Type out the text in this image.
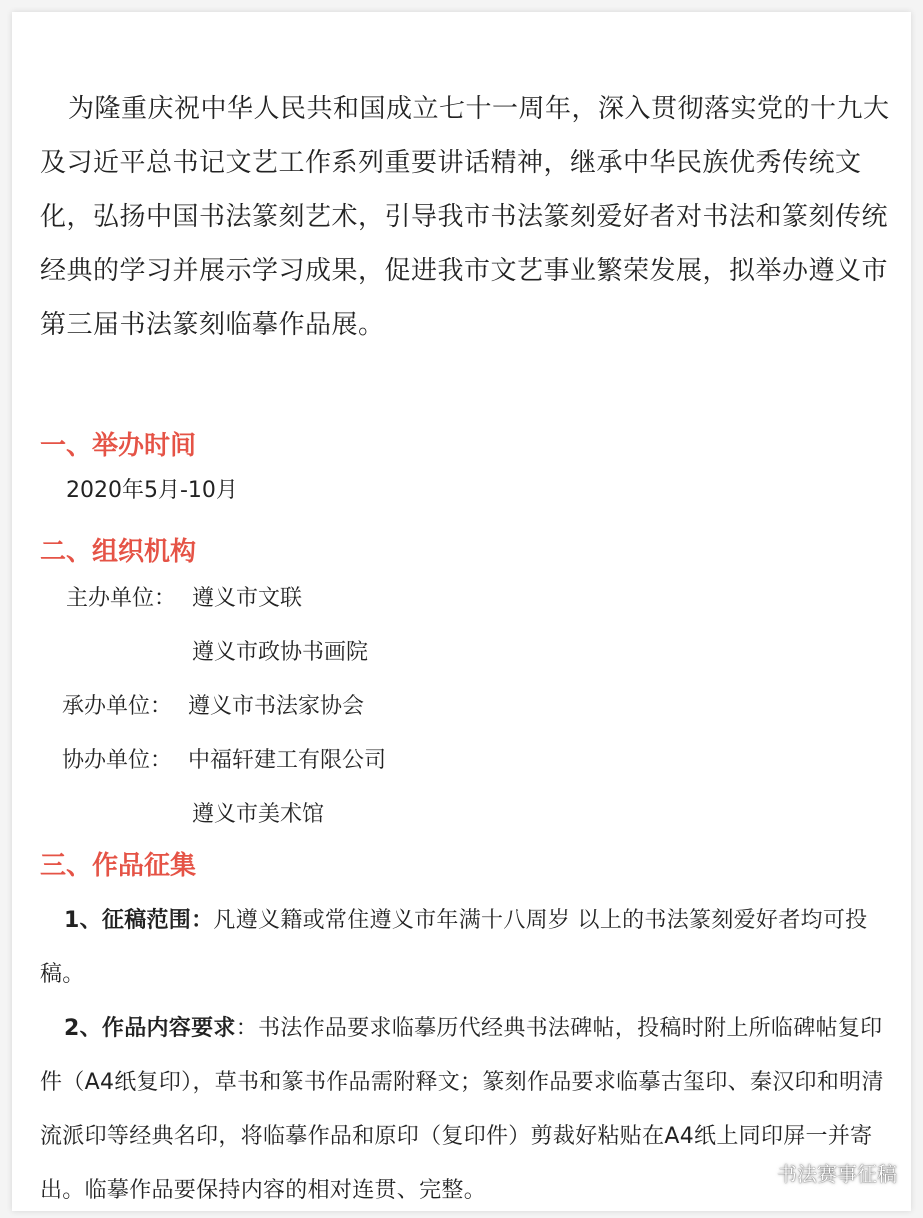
为隆重庆祝中华人民共和国成立七十一周年，深入贯彻落实党的十九大及习近平总书记文艺工作系列重要讲话精神，继承中华民族优秀传统文化，弘扬中国书法篆刻艺术，引导我市书法篆刻爱好者对书法和篆刻传统经典的学习并展示学习成果，促进我市文艺事业繁荣发展，拟举办遵义市第三届书法篆刻临摹作品展。

一、举办时间

2020年5月-10月

二、组织机构

主办单位： 遵义市文联

遵义市政协书画院

承办单位： 遵义市书法家协会

协办单位： 中福轩建工有限公司

遵义市美术馆

三、作品征集

1、征稿范围：凡遵义籍或常住遵义市年满十八周岁 以上的书法篆刻爱好者均可投稿。

2、作品内容要求：书法作品要求临摹历代经典书法碑帖，投稿时附上所临碑帖复印件（A4纸复印），草书和篆书作品需附释文；篆刻作品要求临摹古玺印、秦汉印和明清流派印等经典名印，将临摹作品和原印（复印件）剪裁好粘贴在A4纸上同印屏一并寄出。临摹作品要保持内容的相对连贯、完整。

书法赛事征稿
